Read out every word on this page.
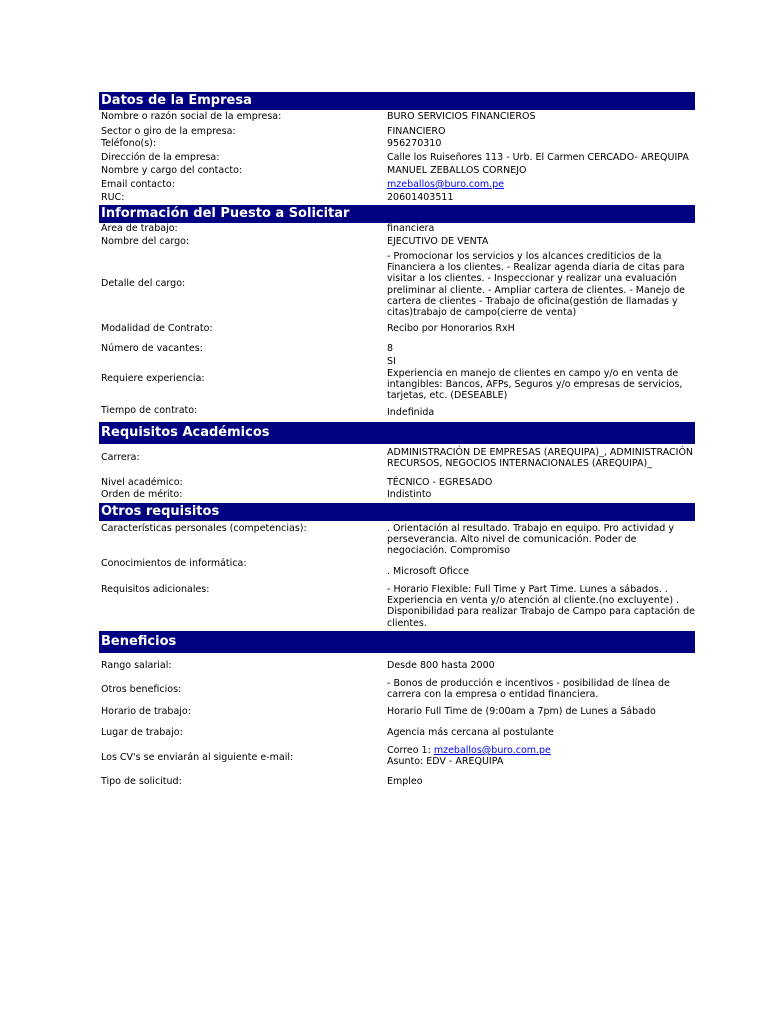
Datos de la Empresa
Nombre o razón social de la empresa:	BURO SERVICIOS FINANCIEROS
Sector o giro de la empresa:	FINANCIERO
Teléfono(s):	956270310
Dirección de la empresa:	Calle los Ruiseñores 113 - Urb. El Carmen CERCADO- AREQUIPA
Nombre y cargo del contacto:	MANUEL ZEBALLOS CORNEJO
Email contacto:	mzeballos@buro.com.pe
RUC:	20601403511
Información del Puesto a Solicitar
Área de trabajo:	financiera
Nombre del cargo:	EJECUTIVO DE VENTA
Detalle del cargo:
- Promocionar los servicios y los alcances crediticios de la Financiera a los clientes. - Realizar agenda diaria de citas para visitar a los clientes. - Inspeccionar y realizar una evaluación preliminar al cliente. - Ampliar cartera de clientes. - Manejo de cartera de clientes - Trabajo de oficina(gestión de llamadas y citas)trabajo de campo(cierre de venta)
Modalidad de Contrato:	Recibo por Honorarios RxH
Número de vacantes:	8
Requiere experiencia:
SI
Experiencia en manejo de clientes en campo y/o en venta de intangibles: Bancos, AFPs, Seguros y/o empresas de servicios, tarjetas, etc. (DESEABLE)
Tiempo de contrato:	Indefinida
Requisitos Académicos
Carrera:	ADMINISTRACIÓN DE EMPRESAS (AREQUIPA)_, ADMINISTRACIÓN RECURSOS, NEGOCIOS INTERNACIONALES (AREQUIPA)_
Nivel académico:	TÉCNICO - EGRESADO
Orden de mérito:	Indistinto
Otros requisitos
Características personales (competencias):	. Orientación al resultado. Trabajo en equipo. Pro actividad y perseverancia. Alto nivel de comunicación. Poder de negociación. Compromiso
Conocimientos de informática:
. Microsoft Oficce
Requisitos adicionales:	- Horario Flexible: Full Time y Part Time. Lunes a sábados. . Experiencia en venta y/o atención al cliente.(no excluyente) . Disponibilidad para realizar Trabajo de Campo para captación de clientes.
Beneficios
Rango salarial:	Desde 800 hasta 2000
Otros beneficios:
- Bonos de producción e incentivos - posibilidad de línea de carrera con la empresa o entidad financiera.
Horario de trabajo:	Horario Full Time de (9:00am a 7pm) de Lunes a Sábado
Lugar de trabajo:	Agencia más cercana al postulante
Los CV's se enviarán al siguiente e-mail:
Correo 1: mzeballos@buro.com.pe
Asunto: EDV - AREQUIPA
Tipo de solicitud:	Empleo
